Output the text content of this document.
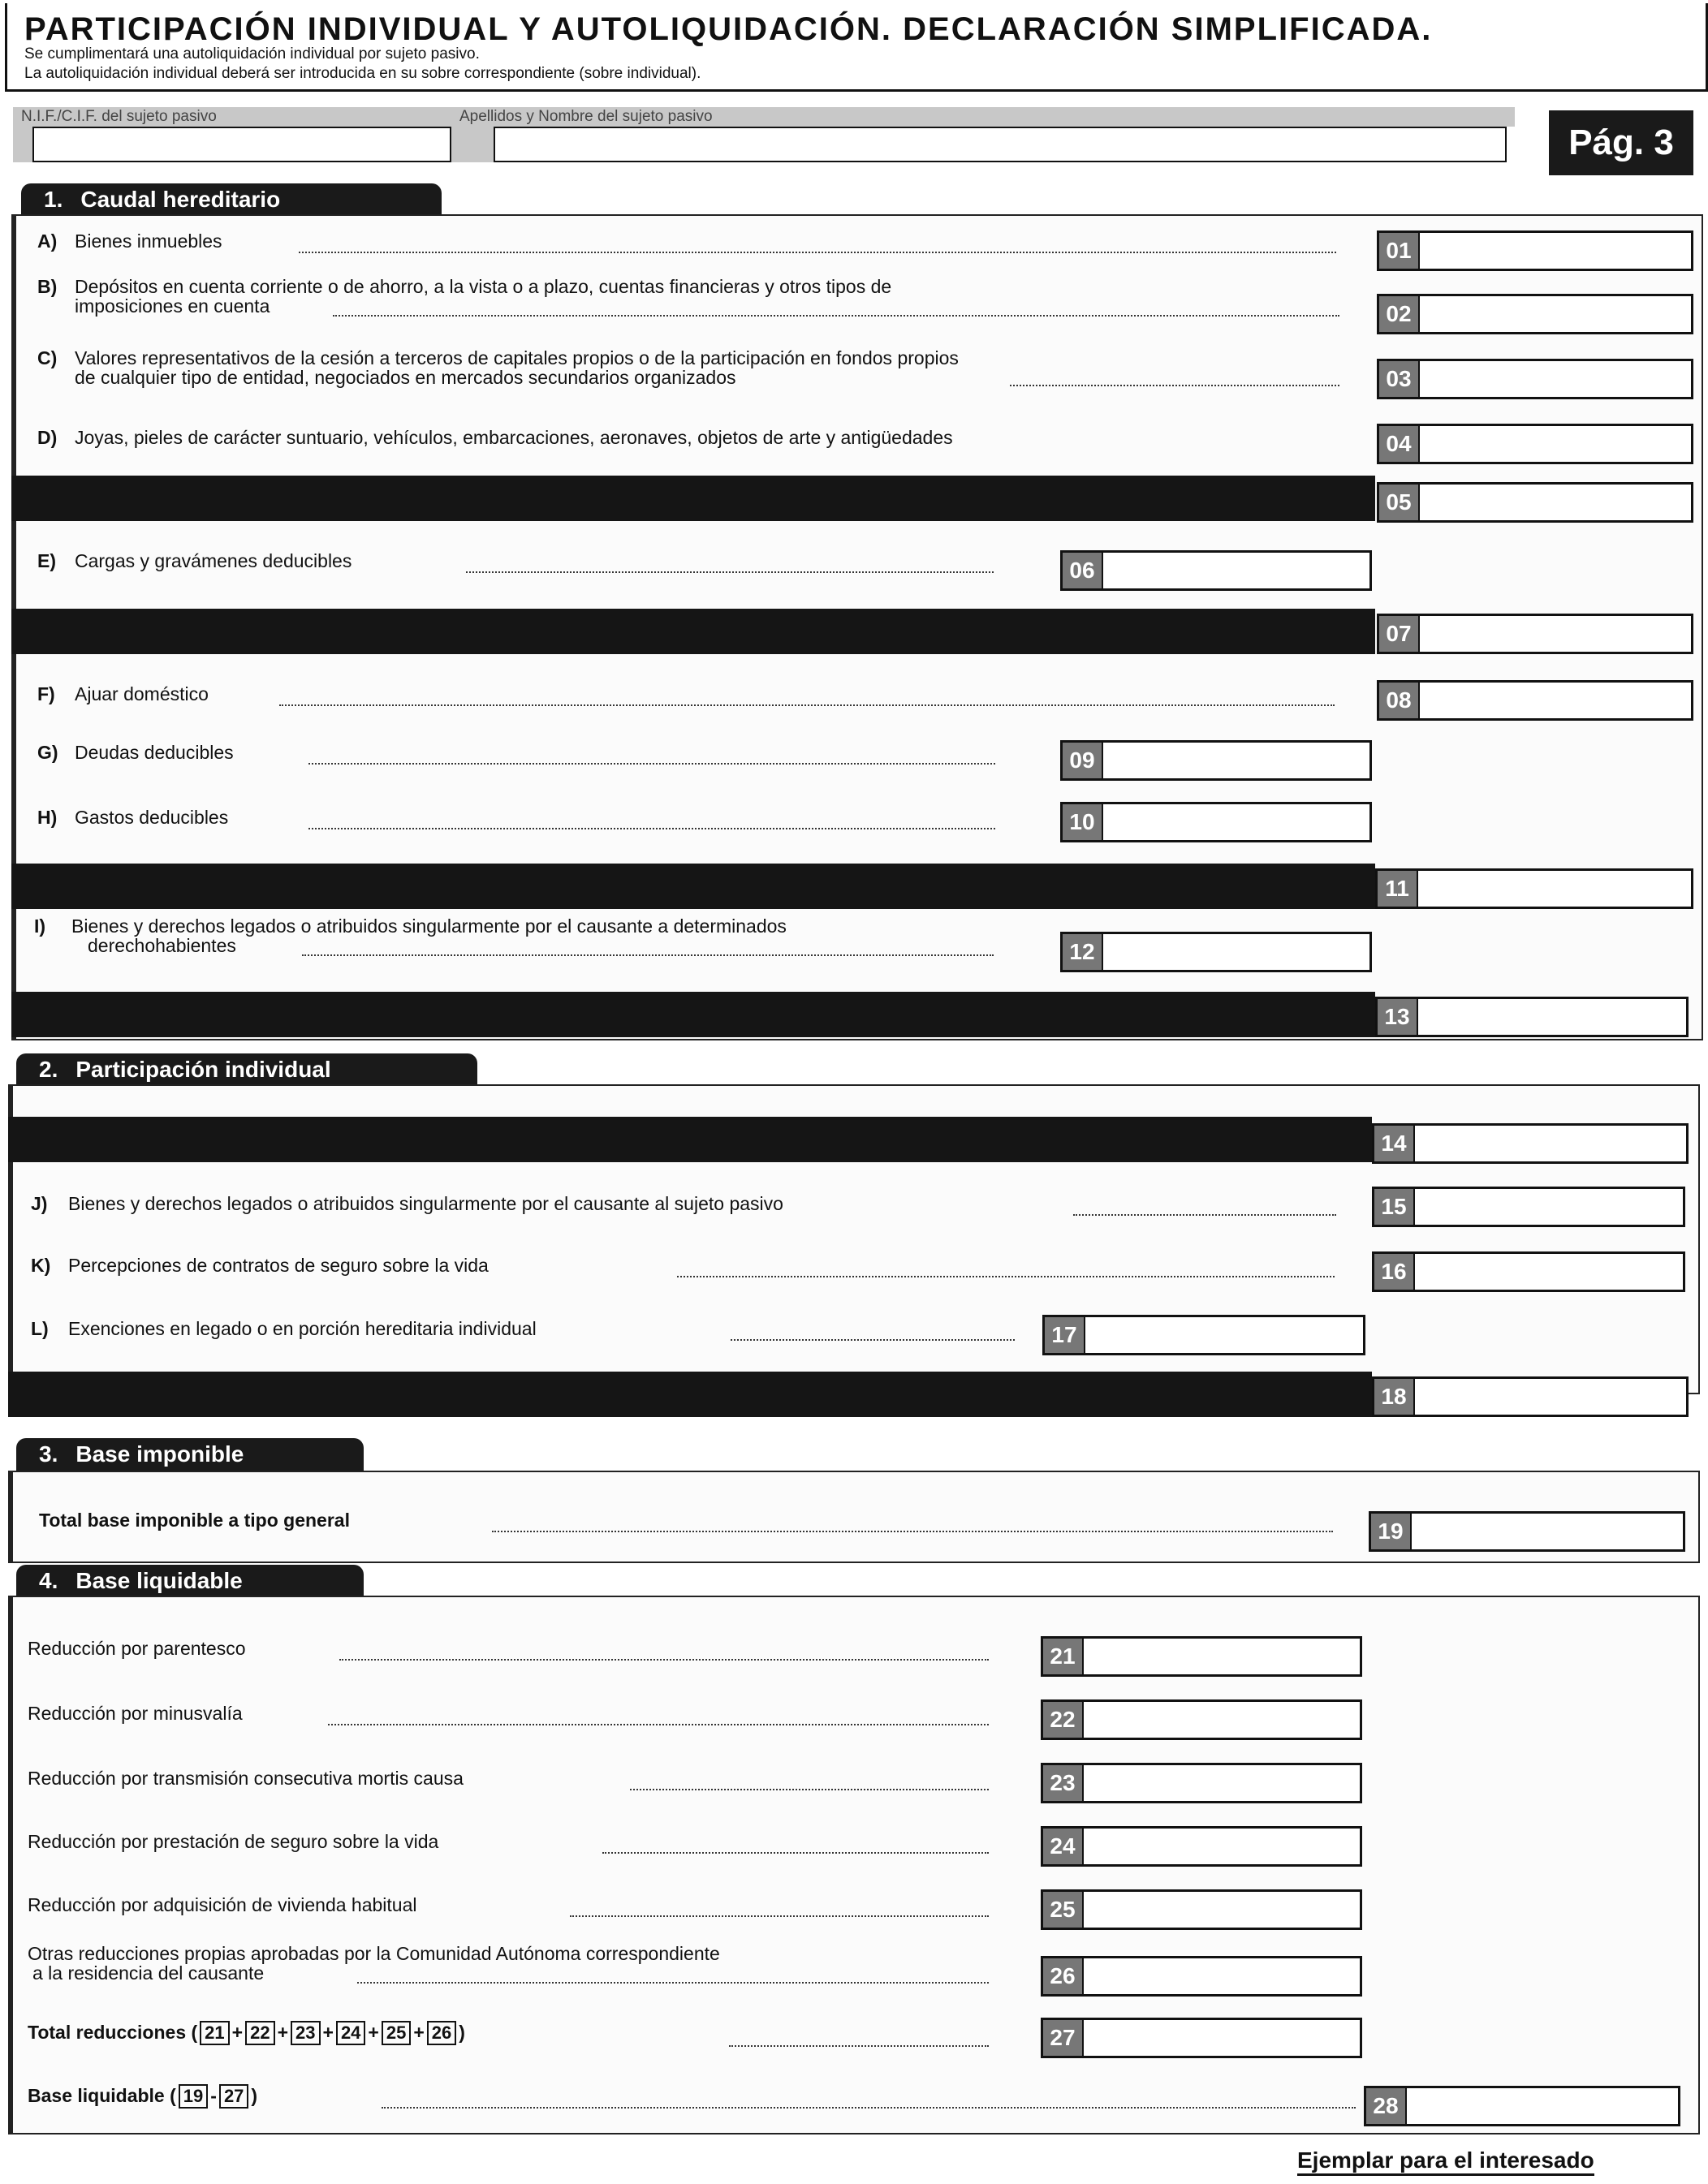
PARTICIPACIÓN INDIVIDUAL Y AUTOLIQUIDACIÓN. DECLARACIÓN SIMPLIFICADA.
Se cumplimentará una autoliquidación individual por sujeto pasivo.
La autoliquidación individual deberá ser introducida en su sobre correspondiente (sobre individual).
N.I.F./C.I.F. del sujeto pasivo	Apellidos y Nombre del sujeto pasivo
Pág. 3
1. Caudal hereditario
A) Bienes inmuebles	01
B) Depósitos en cuenta corriente o de ahorro, a la vista o a plazo, cuentas financieras y otros tipos de
imposiciones en cuenta	02
C) Valores representativos de la cesión a terceros de capitales propios o de la participación en fondos propios
de cualquier tipo de entidad, negociados en mercados secundarios organizados	03
D) Joyas, pieles de carácter suntuario, vehículos, embarcaciones, aeronaves, objetos de arte y antigüedades	04
05
E) Cargas y gravámenes deducibles	06
07
F) Ajuar doméstico	08
G) Deudas deducibles	09
H) Gastos deducibles	10
11
I) Bienes y derechos legados o atribuidos singularmente por el causante a determinados
derechohabientes	12
13
2. Participación individual
14
J) Bienes y derechos legados o atribuidos singularmente por el causante al sujeto pasivo	15
K) Percepciones de contratos de seguro sobre la vida	16
L) Exenciones en legado o en porción hereditaria individual	17
18
3. Base imponible
Total base imponible a tipo general	19
4. Base liquidable
Reducción por parentesco	21
Reducción por minusvalía	22
Reducción por transmisión consecutiva mortis causa	23
Reducción por prestación de seguro sobre la vida	24
Reducción por adquisición de vivienda habitual	25
Otras reducciones propias aprobadas por la Comunidad Autónoma correspondiente
a la residencia del causante	26
Total reducciones ( 21 + 22 + 23 + 24 + 25 + 26 )	27
Base liquidable ( 19 - 27 )	28
Ejemplar para el interesado
